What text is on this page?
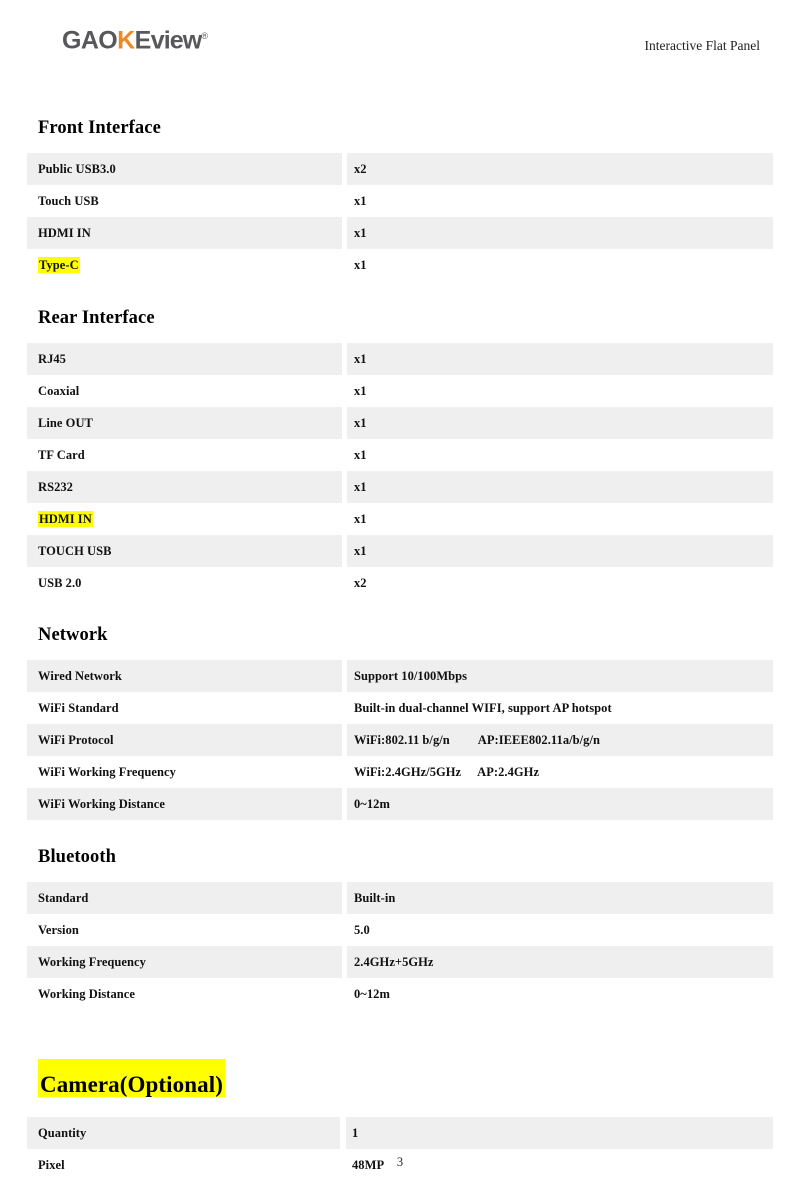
GAOKEview®
Interactive Flat Panel
Front Interface
Public USB3.0	x2
Touch USB	x1
HDMI IN	x1
Type-C	x1
Rear Interface
RJ45	x1
Coaxial	x1
Line OUT	x1
TF Card	x1
RS232	x1
HDMI IN	x1
TOUCH USB	x1
USB 2.0	x2
Network
Wired Network	Support 10/100Mbps
WiFi Standard	Built-in dual-channel WIFI, support AP hotspot
WiFi Protocol	WiFi:802.11 b/g/n AP:IEEE802.11a/b/g/n
WiFi Working Frequency	WiFi:2.4GHz/5GHz AP:2.4GHz
WiFi Working Distance	0~12m
Bluetooth
Standard	Built-in
Version	5.0
Working Frequency	2.4GHz+5GHz
Working Distance	0~12m
Camera(Optional)
Quantity	1
Pixel	48MP	3
